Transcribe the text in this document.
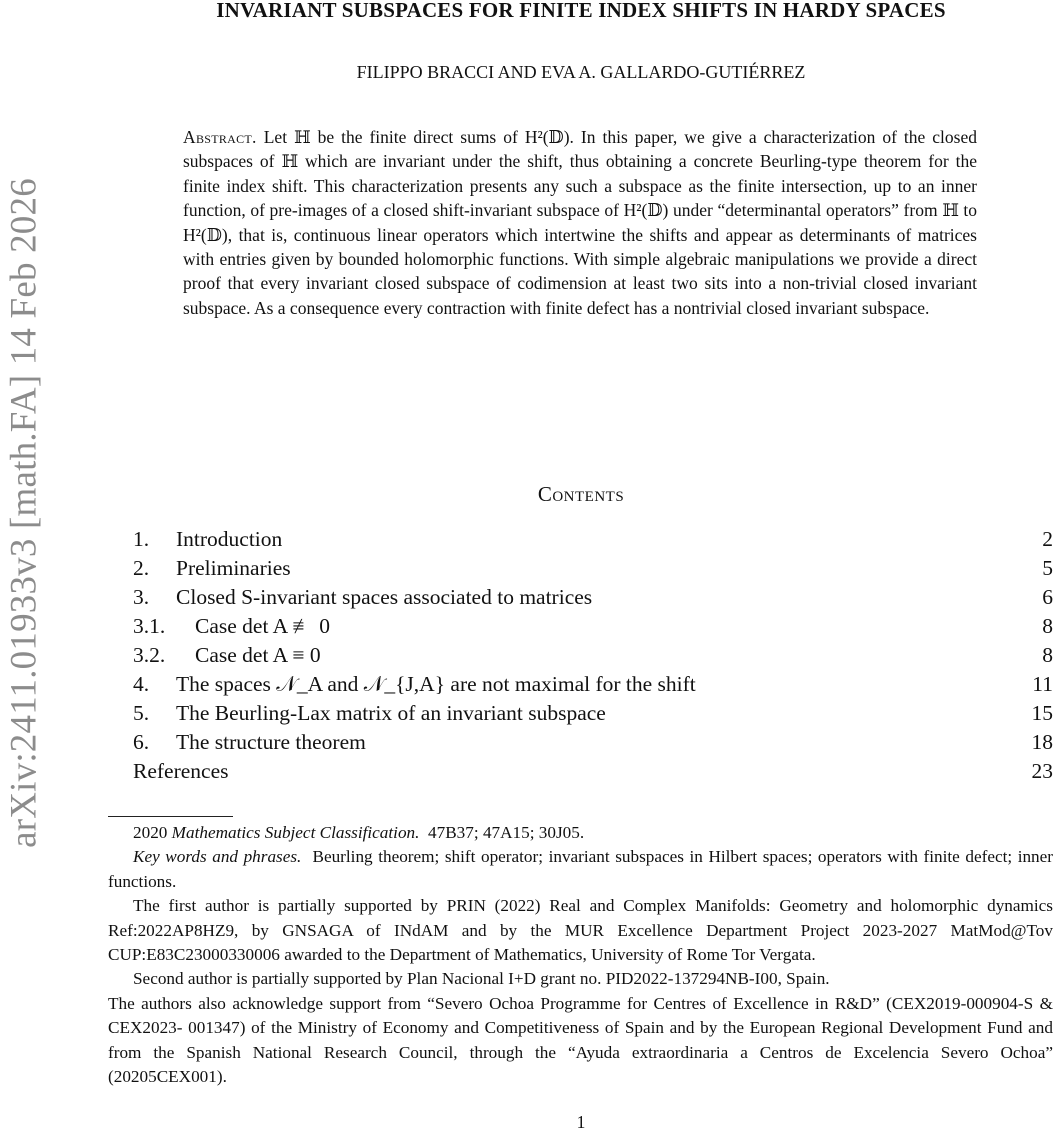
arXiv:2411.01933v3 [math.FA] 14 Feb 2026
INVARIANT SUBSPACES FOR FINITE INDEX SHIFTS IN HARDY SPACES
FILIPPO BRACCI AND EVA A. GALLARDO-GUTIÉRREZ
Abstract. Let ℍ be the finite direct sums of H²(𝔻). In this paper, we give a characterization of the closed subspaces of ℍ which are invariant under the shift, thus obtaining a concrete Beurling-type theorem for the finite index shift. This characterization presents any such a subspace as the finite intersection, up to an inner function, of pre-images of a closed shift-invariant subspace of H²(𝔻) under “determinantal operators” from ℍ to H²(𝔻), that is, continuous linear operators which intertwine the shifts and appear as determinants of matrices with entries given by bounded holomorphic functions. With simple algebraic manipulations we provide a direct proof that every invariant closed subspace of codimension at least two sits into a non-trivial closed invariant subspace. As a consequence every contraction with finite defect has a nontrivial closed invariant subspace.
Contents
1.	Introduction	2
2.	Preliminaries	5
3.	Closed S-invariant spaces associated to matrices	6
3.1.	Case det A ≢ 0	8
3.2.	Case det A ≡ 0	8
4.	The spaces 𝒩_A and 𝒩_{J,A} are not maximal for the shift	11
5.	The Beurling-Lax matrix of an invariant subspace	15
6.	The structure theorem	18
References	23

2020 Mathematics Subject Classification. 47B37; 47A15; 30J05.

Key words and phrases. Beurling theorem; shift operator; invariant subspaces in Hilbert spaces; operators with finite defect; inner functions.

The first author is partially supported by PRIN (2022) Real and Complex Manifolds: Geometry and holomorphic dynamics Ref:2022AP8HZ9, by GNSAGA of INdAM and by the MUR Excellence Department Project 2023-2027 MatMod@Tov CUP:E83C23000330006 awarded to the Department of Mathematics, University of Rome Tor Vergata.

Second author is partially supported by Plan Nacional I+D grant no. PID2022-137294NB-I00, Spain.

The authors also acknowledge support from “Severo Ochoa Programme for Centres of Excellence in R&D” (CEX2019-000904-S & CEX2023- 001347) of the Ministry of Economy and Competitiveness of Spain and by the European Regional Development Fund and from the Spanish National Research Council, through the “Ayuda extraordinaria a Centros de Excelencia Severo Ochoa” (20205CEX001).

1
